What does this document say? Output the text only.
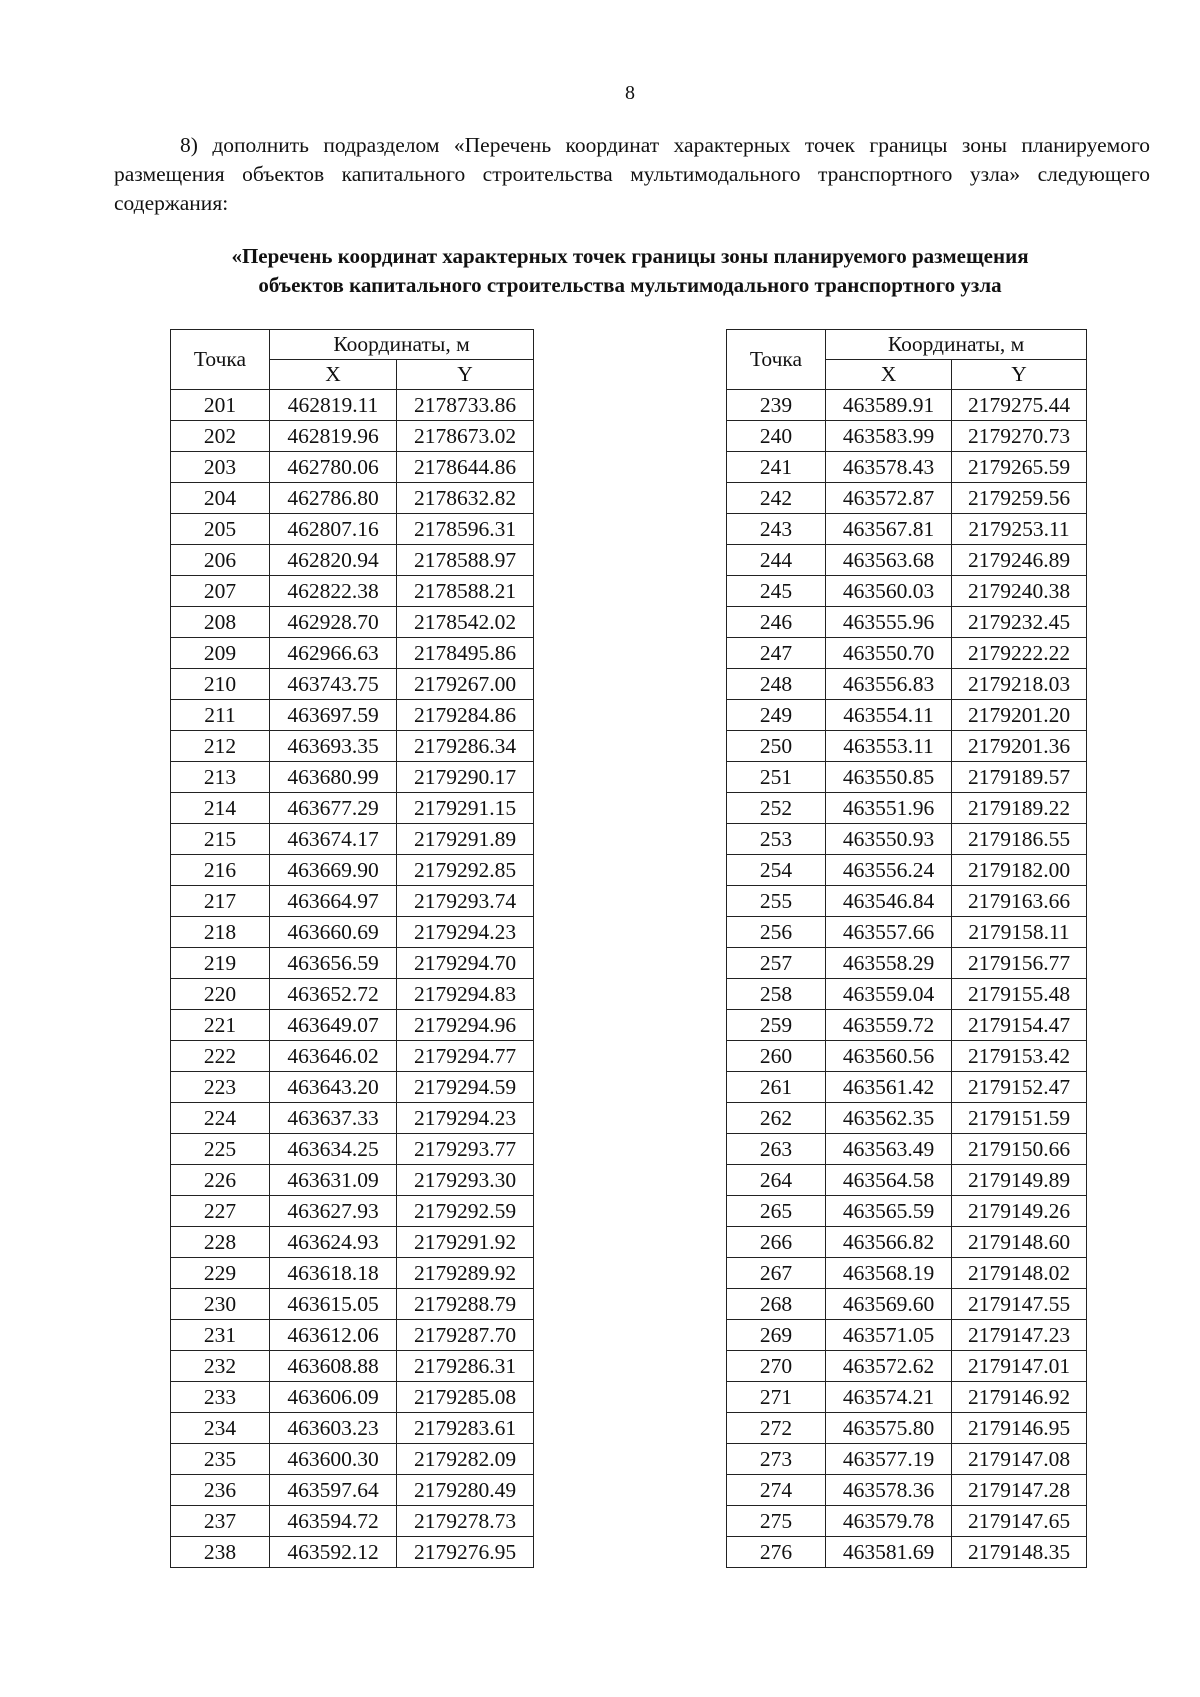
8
8) дополнить подразделом «Перечень координат характерных точек границы зоны планируемого размещения объектов капитального строительства мультимодального транспортного узла» следующего содержания:
«Перечень координат характерных точек границы зоны планируемого размещения
объектов капитального строительства мультимодального транспортного узла
Точка	Координаты, м	
	X	Y
201	462819.11	2178733.86
202	462819.96	2178673.02
203	462780.06	2178644.86
204	462786.80	2178632.82
205	462807.16	2178596.31
206	462820.94	2178588.97
207	462822.38	2178588.21
208	462928.70	2178542.02
209	462966.63	2178495.86
210	463743.75	2179267.00
211	463697.59	2179284.86
212	463693.35	2179286.34
213	463680.99	2179290.17
214	463677.29	2179291.15
215	463674.17	2179291.89
216	463669.90	2179292.85
217	463664.97	2179293.74
218	463660.69	2179294.23
219	463656.59	2179294.70
220	463652.72	2179294.83
221	463649.07	2179294.96
222	463646.02	2179294.77
223	463643.20	2179294.59
224	463637.33	2179294.23
225	463634.25	2179293.77
226	463631.09	2179293.30
227	463627.93	2179292.59
228	463624.93	2179291.92
229	463618.18	2179289.92
230	463615.05	2179288.79
231	463612.06	2179287.70
232	463608.88	2179286.31
233	463606.09	2179285.08
234	463603.23	2179283.61
235	463600.30	2179282.09
236	463597.64	2179280.49
237	463594.72	2179278.73
238	463592.12	2179276.95
Точка	Координаты, м	
	X	Y
239	463589.91	2179275.44
240	463583.99	2179270.73
241	463578.43	2179265.59
242	463572.87	2179259.56
243	463567.81	2179253.11
244	463563.68	2179246.89
245	463560.03	2179240.38
246	463555.96	2179232.45
247	463550.70	2179222.22
248	463556.83	2179218.03
249	463554.11	2179201.20
250	463553.11	2179201.36
251	463550.85	2179189.57
252	463551.96	2179189.22
253	463550.93	2179186.55
254	463556.24	2179182.00
255	463546.84	2179163.66
256	463557.66	2179158.11
257	463558.29	2179156.77
258	463559.04	2179155.48
259	463559.72	2179154.47
260	463560.56	2179153.42
261	463561.42	2179152.47
262	463562.35	2179151.59
263	463563.49	2179150.66
264	463564.58	2179149.89
265	463565.59	2179149.26
266	463566.82	2179148.60
267	463568.19	2179148.02
268	463569.60	2179147.55
269	463571.05	2179147.23
270	463572.62	2179147.01
271	463574.21	2179146.92
272	463575.80	2179146.95
273	463577.19	2179147.08
274	463578.36	2179147.28
275	463579.78	2179147.65
276	463581.69	2179148.35
